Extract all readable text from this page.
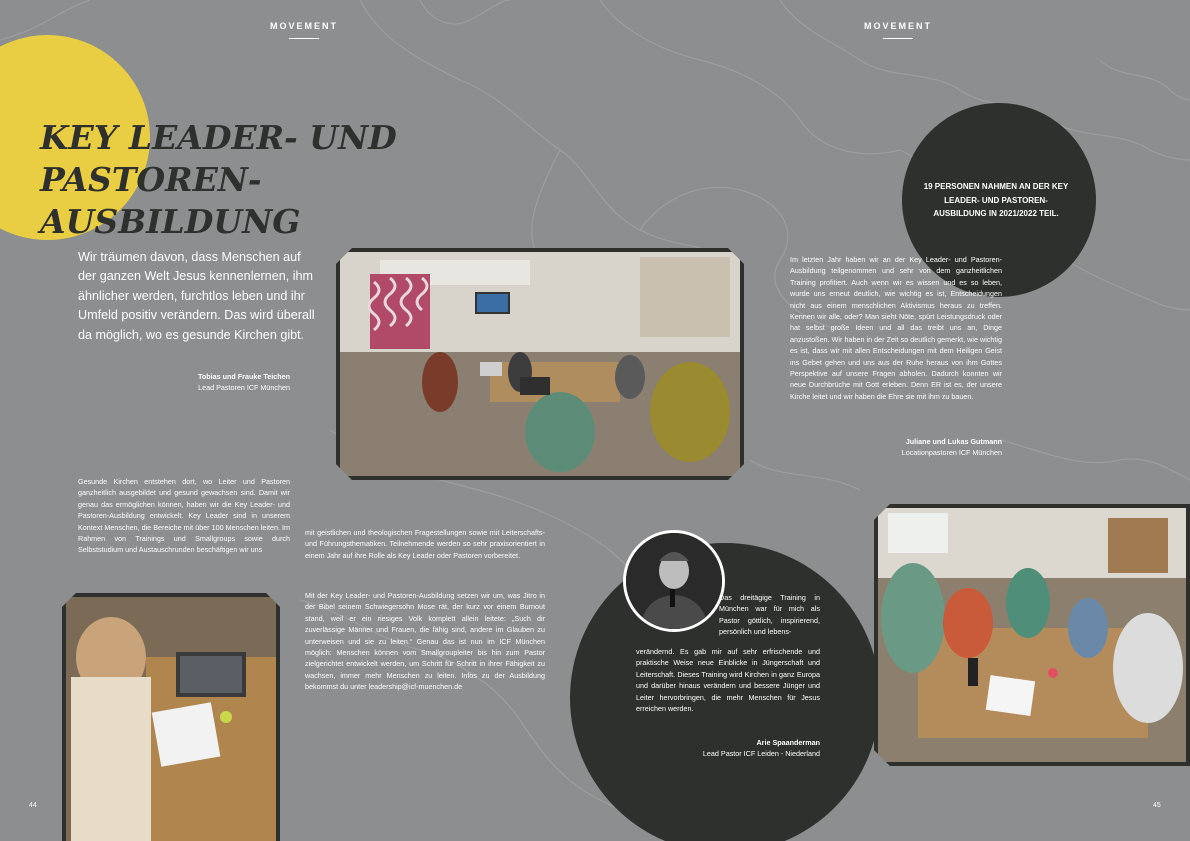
MOVEMENT	MOVEMENT
KEY LEADER- UND
PASTOREN-AUSBILDUNG

Wir träumen davon, dass Menschen auf der ganzen Welt Jesus kennenlernen, ihm ähnlicher werden, furchtlos leben und ihr Umfeld positiv verändern. Das wird überall da möglich, wo es gesunde Kirchen gibt.

Tobias und Frauke Teichen
Lead Pastoren ICF München

Gesunde Kirchen entstehen dort, wo Leiter und Pastoren ganzheitlich ausgebildet und gesund gewachsen sind. Damit wir genau das ermöglichen können, haben wir die Key Leader- und Pastoren-Ausbildung entwickelt. Key Leader sind in unserem Kontext Menschen, die Bereiche mit über 100 Menschen leiten. Im Rahmen von Trainings und Smallgroups sowie durch Selbststudium und Austauschrunden beschäftigen wir uns

mit geistlichen und theologischen Fragestellungen sowie mit Leiterschafts- und Führungsthematiken. Teilnehmende werden so sehr praxisorientiert in einem Jahr auf ihre Rolle als Key Leader oder Pastoren vorbereitet.

Mit der Key Leader- und Pastoren-Ausbildung setzen wir um, was Jitro in der Bibel seinem Schwiegersohn Mose rät, der kurz vor einem Burnout stand, weil er ein riesiges Volk komplett allein leitete: „Such dir zuverlässige Männer und Frauen, die fähig sind, andere im Glauben zu unterweisen und sie zu leiten.“ Genau das ist nun im ICF München möglich: Menschen können vom Smallgroupleiter bis hin zum Pastor zielgerichtet entwickelt werden, um Schritt für Schritt in ihrer Fähigkeit zu wachsen, immer mehr Menschen zu leiten. Infos zu der Ausbildung bekommst du unter leadership@icf-muenchen.de

19 PERSONEN NAHMEN AN DER KEY LEADER- UND PASTOREN-AUSBILDUNG IN 2021/2022 TEIL.

Im letzten Jahr haben wir an der Key Leader- und Pastoren-Ausbildung teilgenommen und sehr von dem ganzheitlichen Training profitiert. Auch wenn wir es wissen und es so leben, wurde uns erneut deutlich, wie wichtig es ist, Entscheidungen nicht aus einem menschlichen Aktivismus heraus zu treffen. Kennen wir alle, oder? Man sieht Nöte, spürt Leistungsdruck oder hat selbst große Ideen und all das treibt uns an, Dinge anzustoßen. Wir haben in der Zeit so deutlich gemerkt, wie wichtig es ist, dass wir mit allen Entscheidungen mit dem Heiligen Geist ins Gebet gehen und uns aus der Ruhe heraus von ihm Gottes Perspektive auf unsere Fragen abholen. Dadurch konnten wir neue Durchbrüche mit Gott erleben. Denn ER ist es, der unsere Kirche leitet und wir haben die Ehre sie mit ihm zu bauen.

Juliane und Lukas Gutmann
Locationpastoren ICF München

Das dreitägige Training in München war für mich als Pastor göttlich, inspirierend, persönlich und lebens-

verändernd. Es gab mir auf sehr erfrischende und praktische Weise neue Einblicke in Jüngerschaft und Leiterschaft. Dieses Training wird Kirchen in ganz Europa und darüber hinaus verändern und bessere Jünger und Leiter hervorbringen, die mehr Menschen für Jesus erreichen werden.

Arie Spaanderman
Lead Pastor ICF Leiden - Niederland
44	45
